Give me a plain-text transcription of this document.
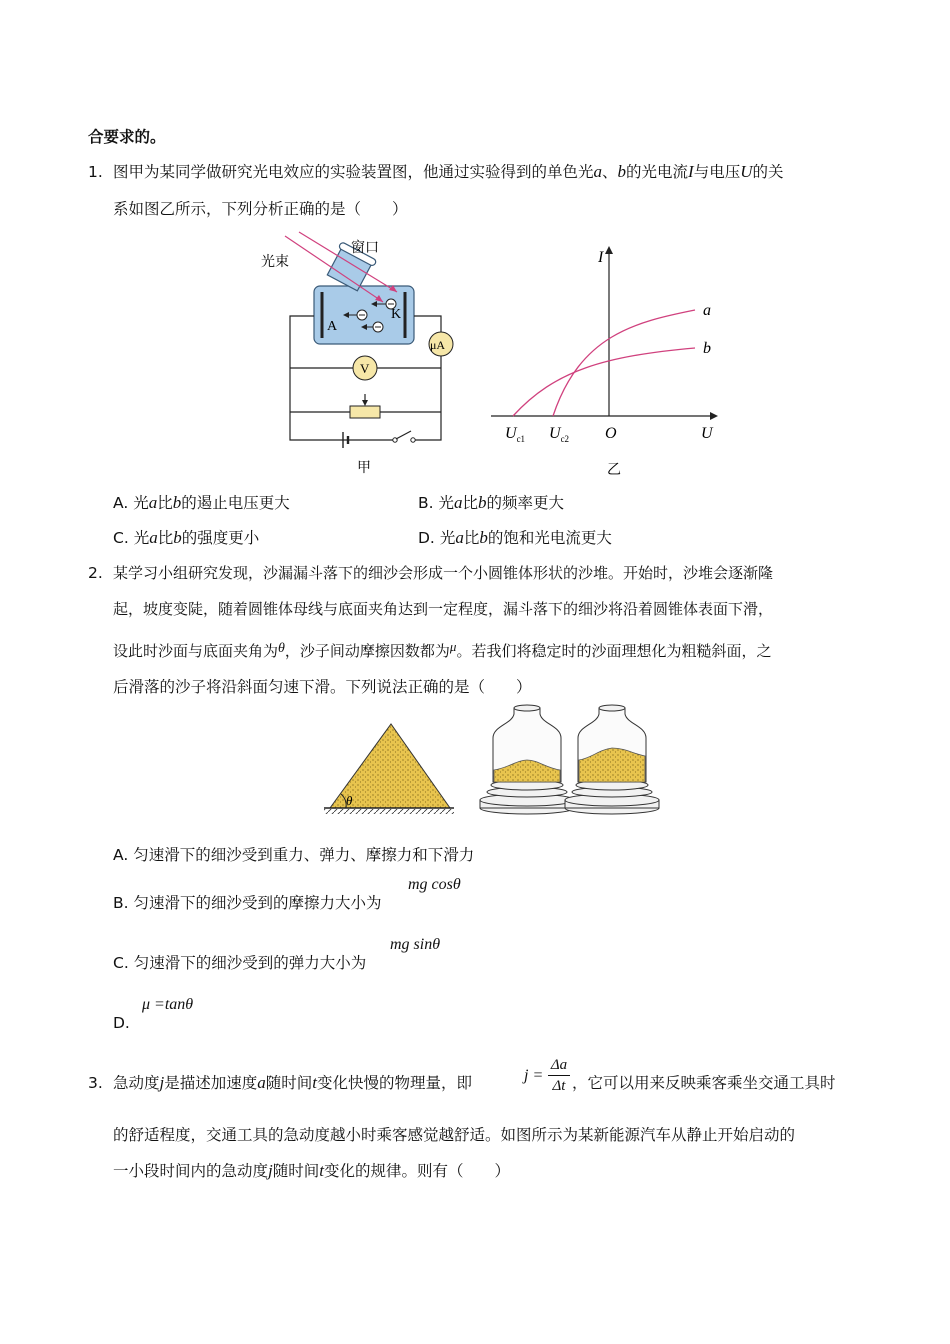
合要求的。
1. 图甲为某同学做研究光电效应的实验装置图，他通过实验得到的单色光a、b的光电流I与电压U的关
系如图乙所示，下列分析正确的是（　　）
A
K
窗口
光束
μA
V
甲
I
U
O
a
b
$U_{c1}$ $U_{c2}$
乙
A. 光a比b的遏止电压更大	B. 光a比b的频率更大
C. 光a比b的强度更小	D. 光a比b的饱和光电流更大
2. 某学习小组研究发现，沙漏漏斗落下的细沙会形成一个小圆锥体形状的沙堆。开始时，沙堆会逐渐隆
起，坡度变陡，随着圆锥体母线与底面夹角达到一定程度，漏斗落下的细沙将沿着圆锥体表面下滑，
设此时沙面与底面夹角为θ，沙子间动摩擦因数都为μ。若我们将稳定时的沙面理想化为粗糙斜面，之
后滑落的沙子将沿斜面匀速下滑。下列说法正确的是（　　）
θ
A. 匀速滑下的细沙受到重力、弹力、摩擦力和下滑力
B. 匀速滑下的细沙受到的摩擦力大小为
mg cosθ
C. 匀速滑下的细沙受到的弹力大小为
mg sinθ
D.
μ =tanθ
3. 急动度j是描述加速度a随时间t变化快慢的物理量，即	j =
Δa
Δt ，它可以用来反映乘客乘坐交通工具时
的舒适程度，交通工具的急动度越小时乘客感觉越舒适。如图所示为某新能源汽车从静止开始启动的
一小段时间内的急动度j随时间t变化的规律。则有（　　）
